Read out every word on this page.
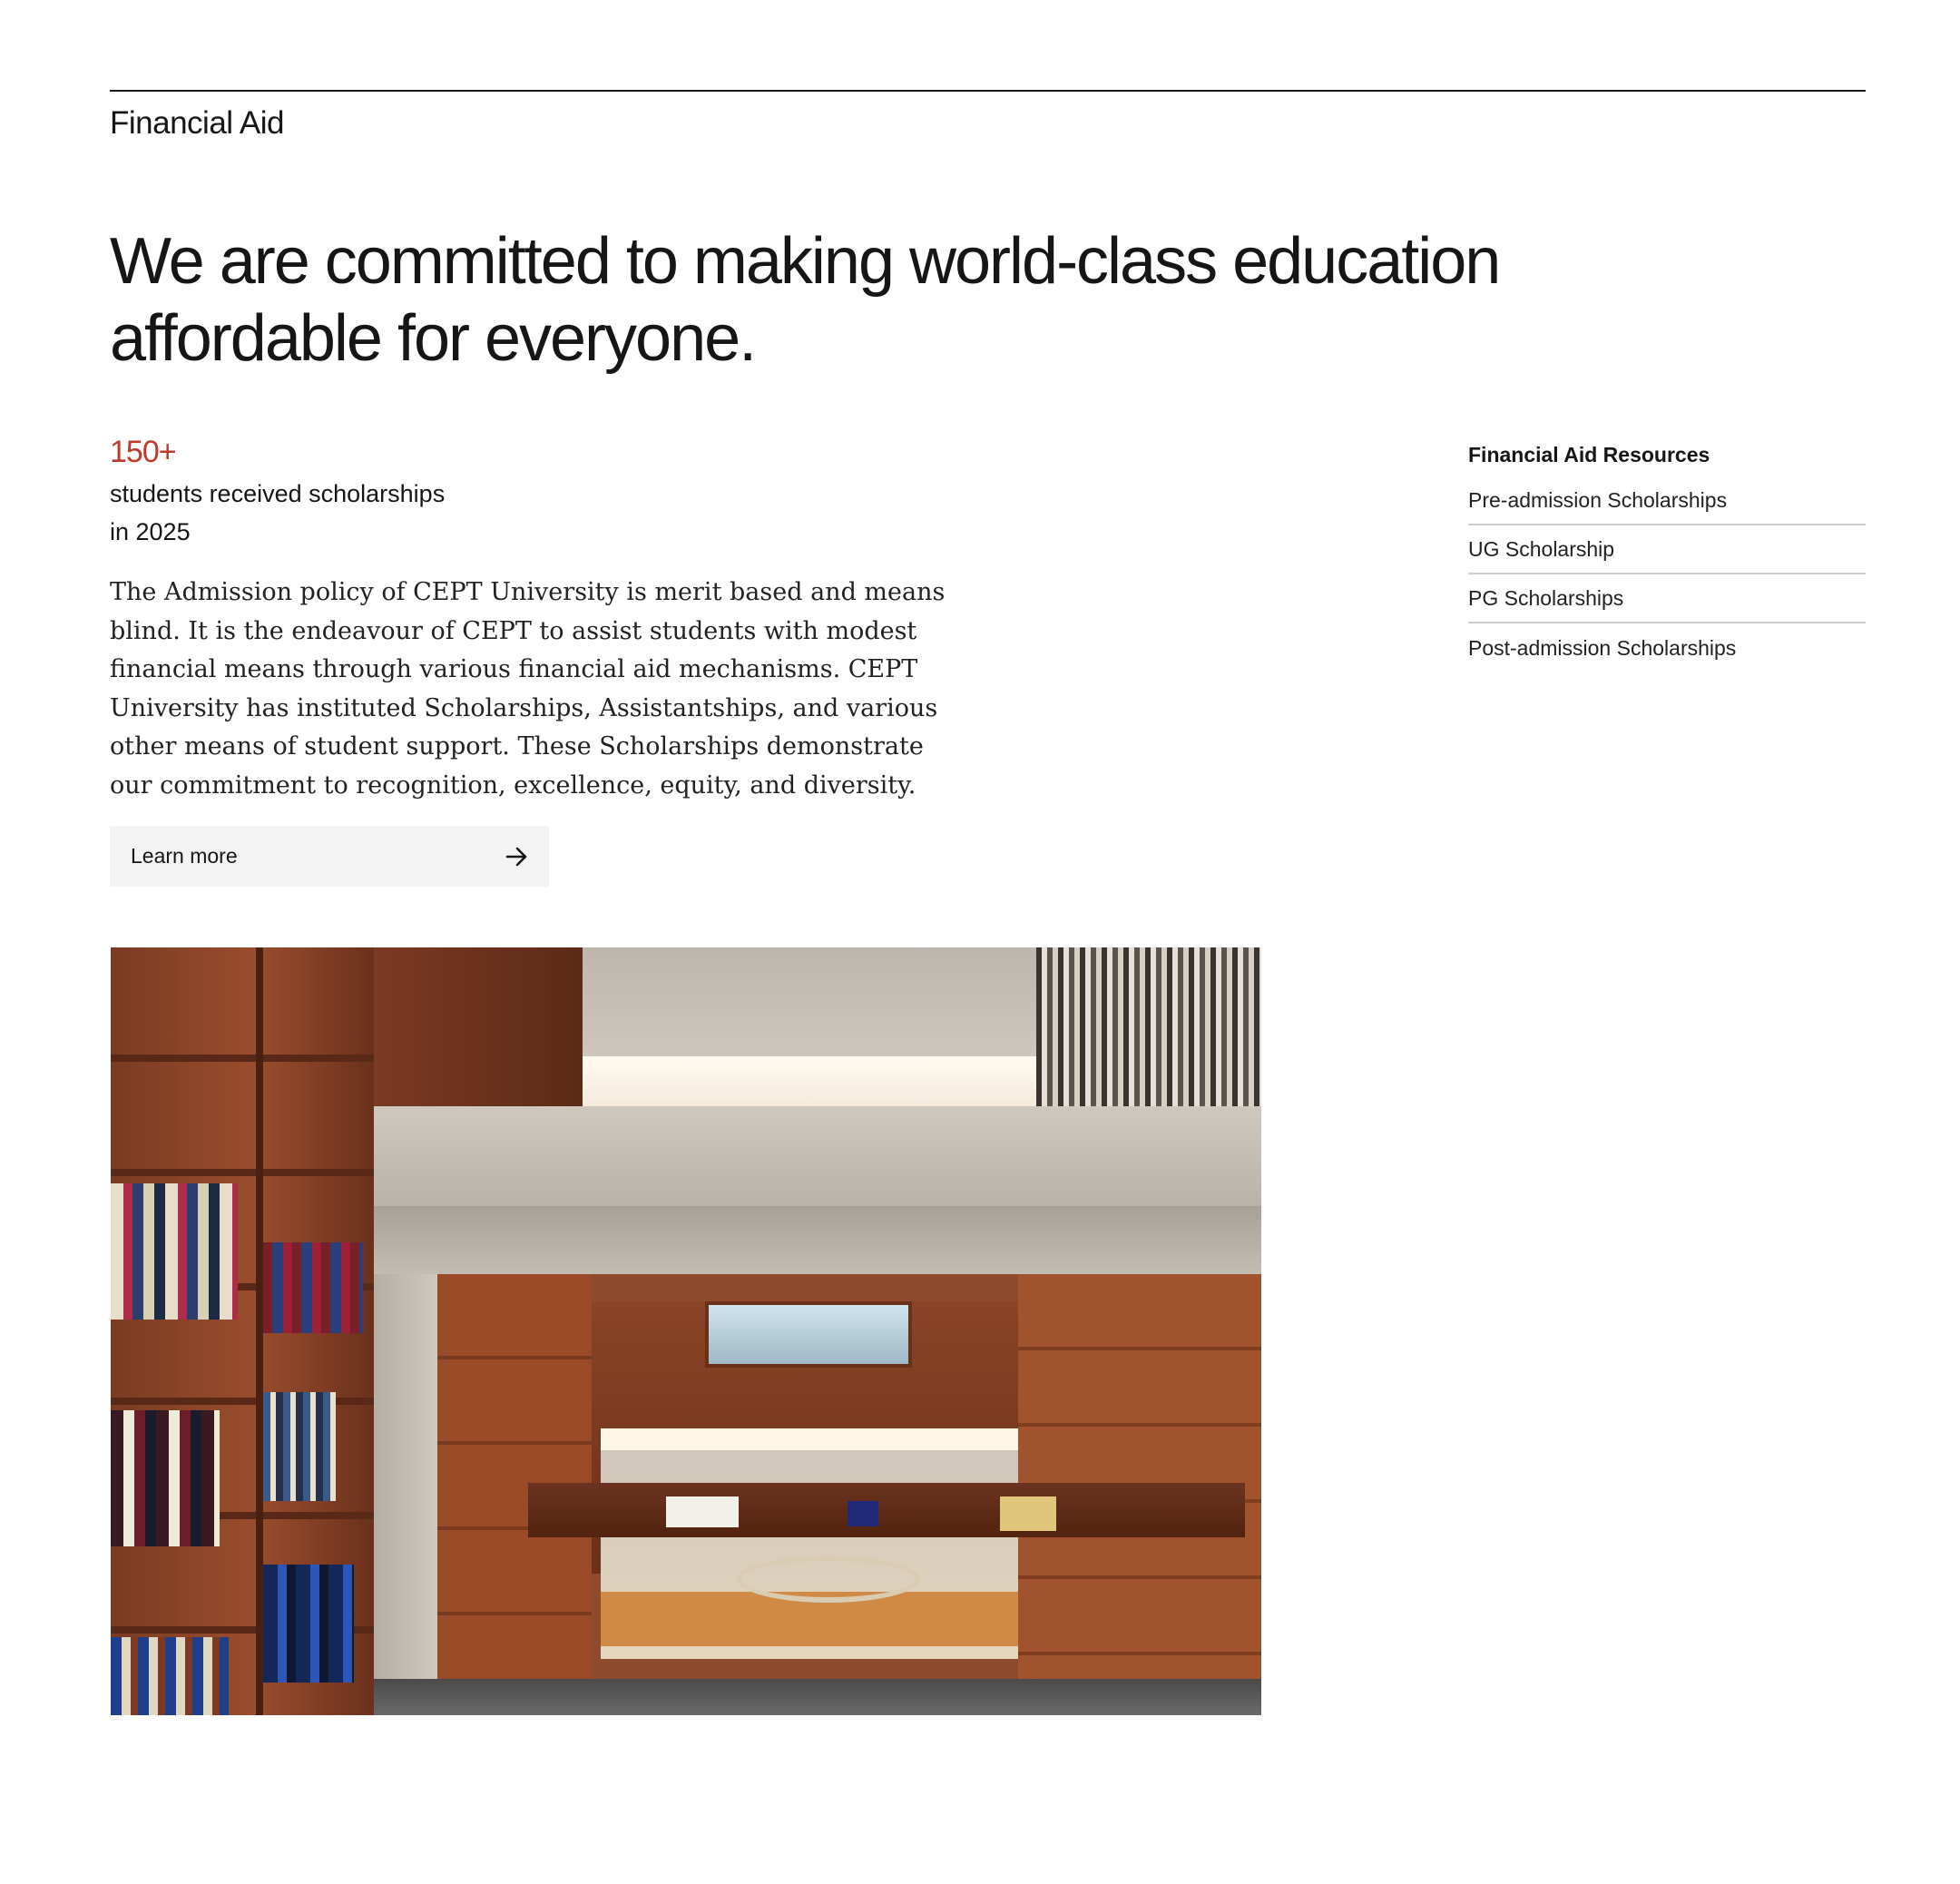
Financial Aid
We are committed to making world-class education affordable for everyone.
150+
students received scholarships
in 2025

The Admission policy of CEPT University is merit based and means blind. It is the endeavour of CEPT to assist students with modest financial means through various financial aid mechanisms. CEPT University has instituted Scholarships, Assistantships, and various other means of student support. These Scholarships demonstrate our commitment to recognition, excellence, equity, and diversity.

Learn more
Financial Aid Resources
Pre-admission Scholarships
UG Scholarship
PG Scholarships
Post-admission Scholarships
